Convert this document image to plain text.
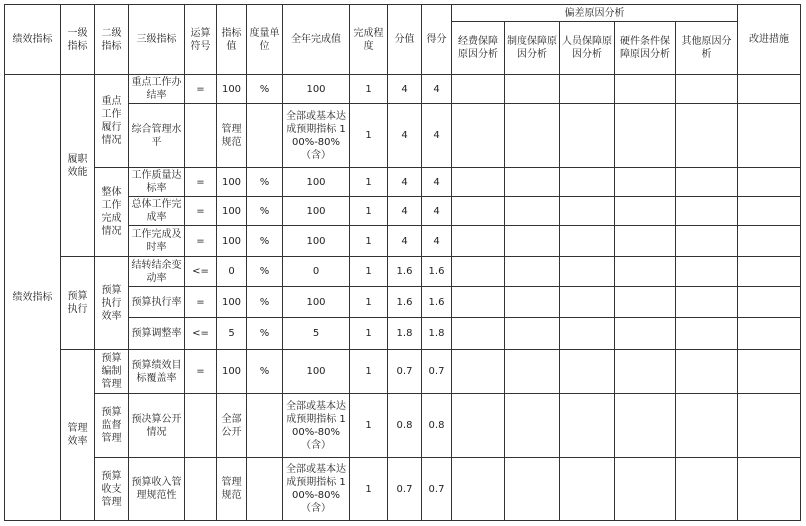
绩效指标	一级指标	二级指标	三级指标	运算符号	指标值	度量单位	全年完成值	完成程度	分值	得分	偏差原因分析					改进措施
											经费保障原因分析	制度保障原因分析	人员保障原因分析	硬件条件保障原因分析	其他原因分析	
绩效指标	履职效能	重点工作履行情况	重点工作办结率	=	100	%	100	1	4	4						
			综合管理水平		管理规范		全部或基本达成预期指标 100%-80%（含）	1	4	4						
		整体工作完成情况	工作质量达标率	=	100	%	100	1	4	4						
			总体工作完成率	=	100	%	100	1	4	4						
			工作完成及时率	=	100	%	100	1	4	4						
	预算执行	预算执行效率	结转结余变动率	<=	0	%	0	1	1.6	1.6						
			预算执行率	=	100	%	100	1	1.6	1.6						
			预算调整率	<=	5	%	5	1	1.8	1.8						
	管理效率	预算编制管理	预算绩效目标覆盖率	=	100	%	100	1	0.7	0.7						
		预算监督管理	预决算公开情况		全部公开		全部或基本达成预期指标 100%-80%（含）	1	0.8	0.8						
		预算收支管理	预算收入管理规范性		管理规范		全部或基本达成预期指标 100%-80%（含）	1	0.7	0.7						
